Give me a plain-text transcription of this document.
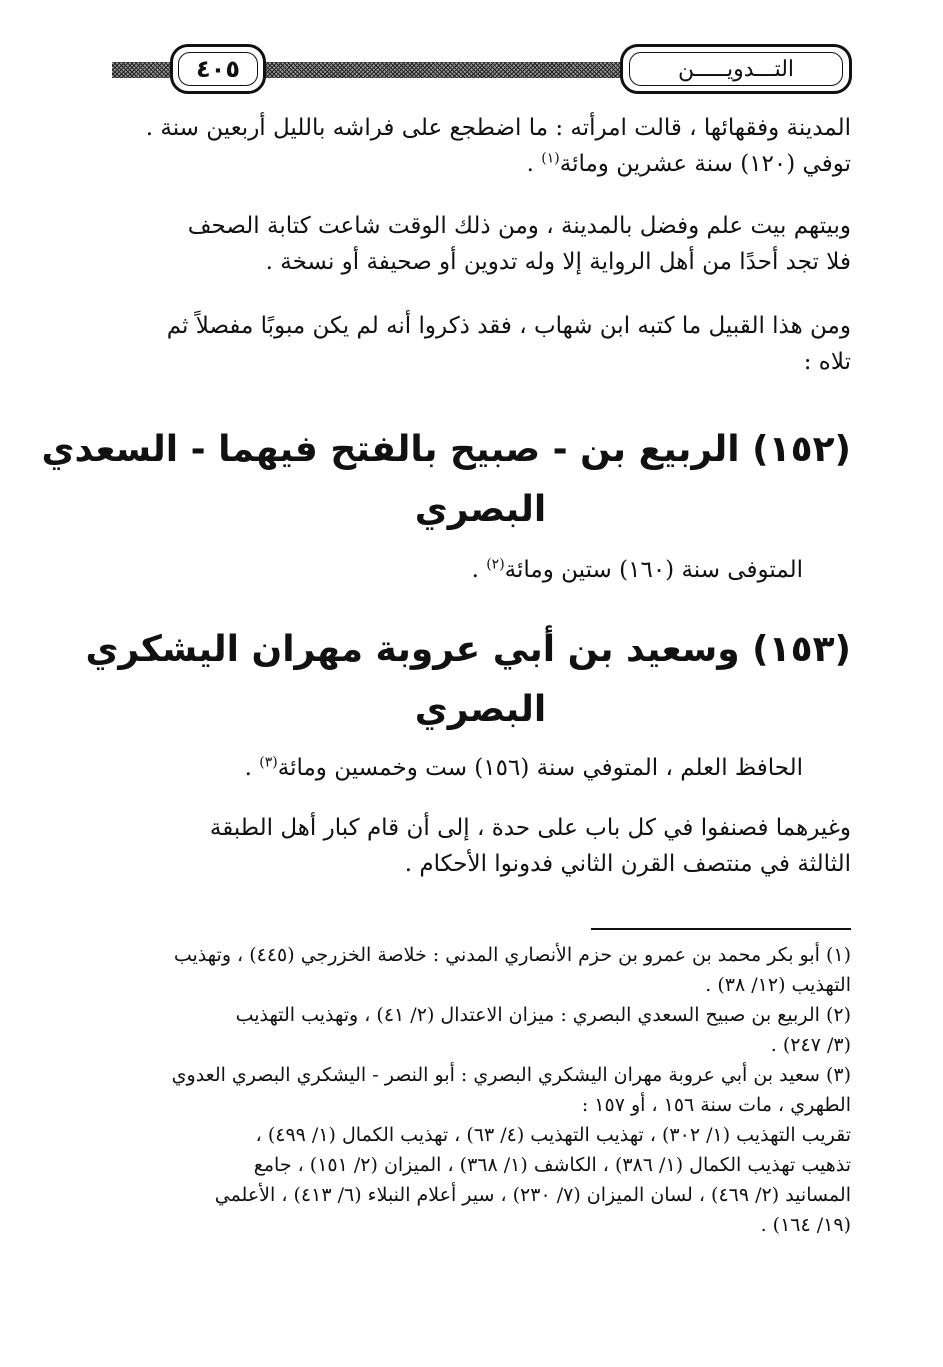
التـــدويـــــن
٤٠٥
المدينة وفقهائها ، قالت امرأته : ما اضطجع على فراشه بالليل أربعين سنة .
توفي (١٢٠) سنة عشرين ومائة$^{(١)}$ .
وبيتهم بيت علم وفضل بالمدينة ، ومن ذلك الوقت شاعت كتابة الصحف
فلا تجد أحدًا من أهل الرواية إلا وله تدوين أو صحيفة أو نسخة .
ومن هذا القبيل ما كتبه ابن شهاب ، فقد ذكروا أنه لم يكن مبوبًا مفصلاً ثم
تلاه :
(١٥٢) الربيع بن - صبيح بالفتح فيهما - السعدي
البصري
المتوفى سنة (١٦٠) ستين ومائة$^{(٢)}$ .
(١٥٣) وسعيد بن أبي عروبة مهران اليشكري
البصري
الحافظ العلم ، المتوفي سنة (١٥٦) ست وخمسين ومائة$^{(٣)}$ .
وغيرهما فصنفوا في كل باب على حدة ، إلى أن قام كبار أهل الطبقة
الثالثة في منتصف القرن الثاني فدونوا الأحكام .
(١) أبو بكر محمد بن عمرو بن حزم الأنصاري المدني : خلاصة الخزرجي (٤٤٥) ، وتهذيب
التهذيب (١٢/ ٣٨) .
(٢) الربيع بن صبيح السعدي البصري : ميزان الاعتدال (٢/ ٤١) ، وتهذيب التهذيب
(٣/ ٢٤٧) .
(٣) سعيد بن أبي عروبة مهران اليشكري البصري : أبو النصر - اليشكري البصري العدوي
الطهري ، مات سنة ١٥٦ ، أو ١٥٧ :
تقريب التهذيب (١/ ٣٠٢) ، تهذيب التهذيب (٤/ ٦٣) ، تهذيب الكمال (١/ ٤٩٩) ،
تذهيب تهذيب الكمال (١/ ٣٨٦) ، الكاشف (١/ ٣٦٨) ، الميزان (٢/ ١٥١) ، جامع
المسانيد (٢/ ٤٦٩) ، لسان الميزان (٧/ ٢٣٠) ، سير أعلام النبلاء (٦/ ٤١٣) ، الأعلمي
(١٩/ ١٦٤) .
